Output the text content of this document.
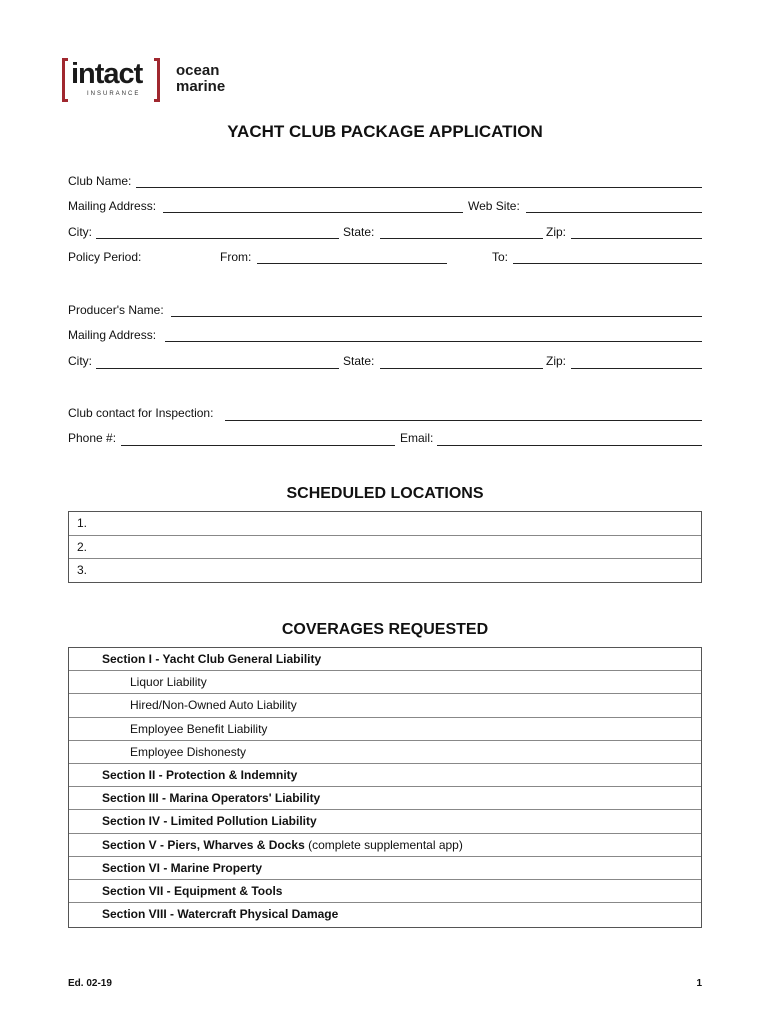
intact
INSURANCE
ocean
marine
YACHT CLUB PACKAGE APPLICATION
Club Name:
Mailing Address:	Web Site:
City:	State:	Zip:
Policy Period:	From:	To:
Producer's Name:
Mailing Address:
City:	State:	Zip:
Club contact for Inspection:
Phone #:	Email:
SCHEDULED LOCATIONS
1.
2.
3.
COVERAGES REQUESTED
Section I - Yacht Club General Liability
Liquor Liability
Hired/Non-Owned Auto Liability
Employee Benefit Liability
Employee Dishonesty
Section II - Protection & Indemnity
Section III - Marina Operators' Liability
Section IV - Limited Pollution Liability
Section V - Piers, Wharves & Docks (complete supplemental app)
Section VI - Marine Property
Section VII - Equipment & Tools
Section VIII - Watercraft Physical Damage
Ed. 02-19	1
